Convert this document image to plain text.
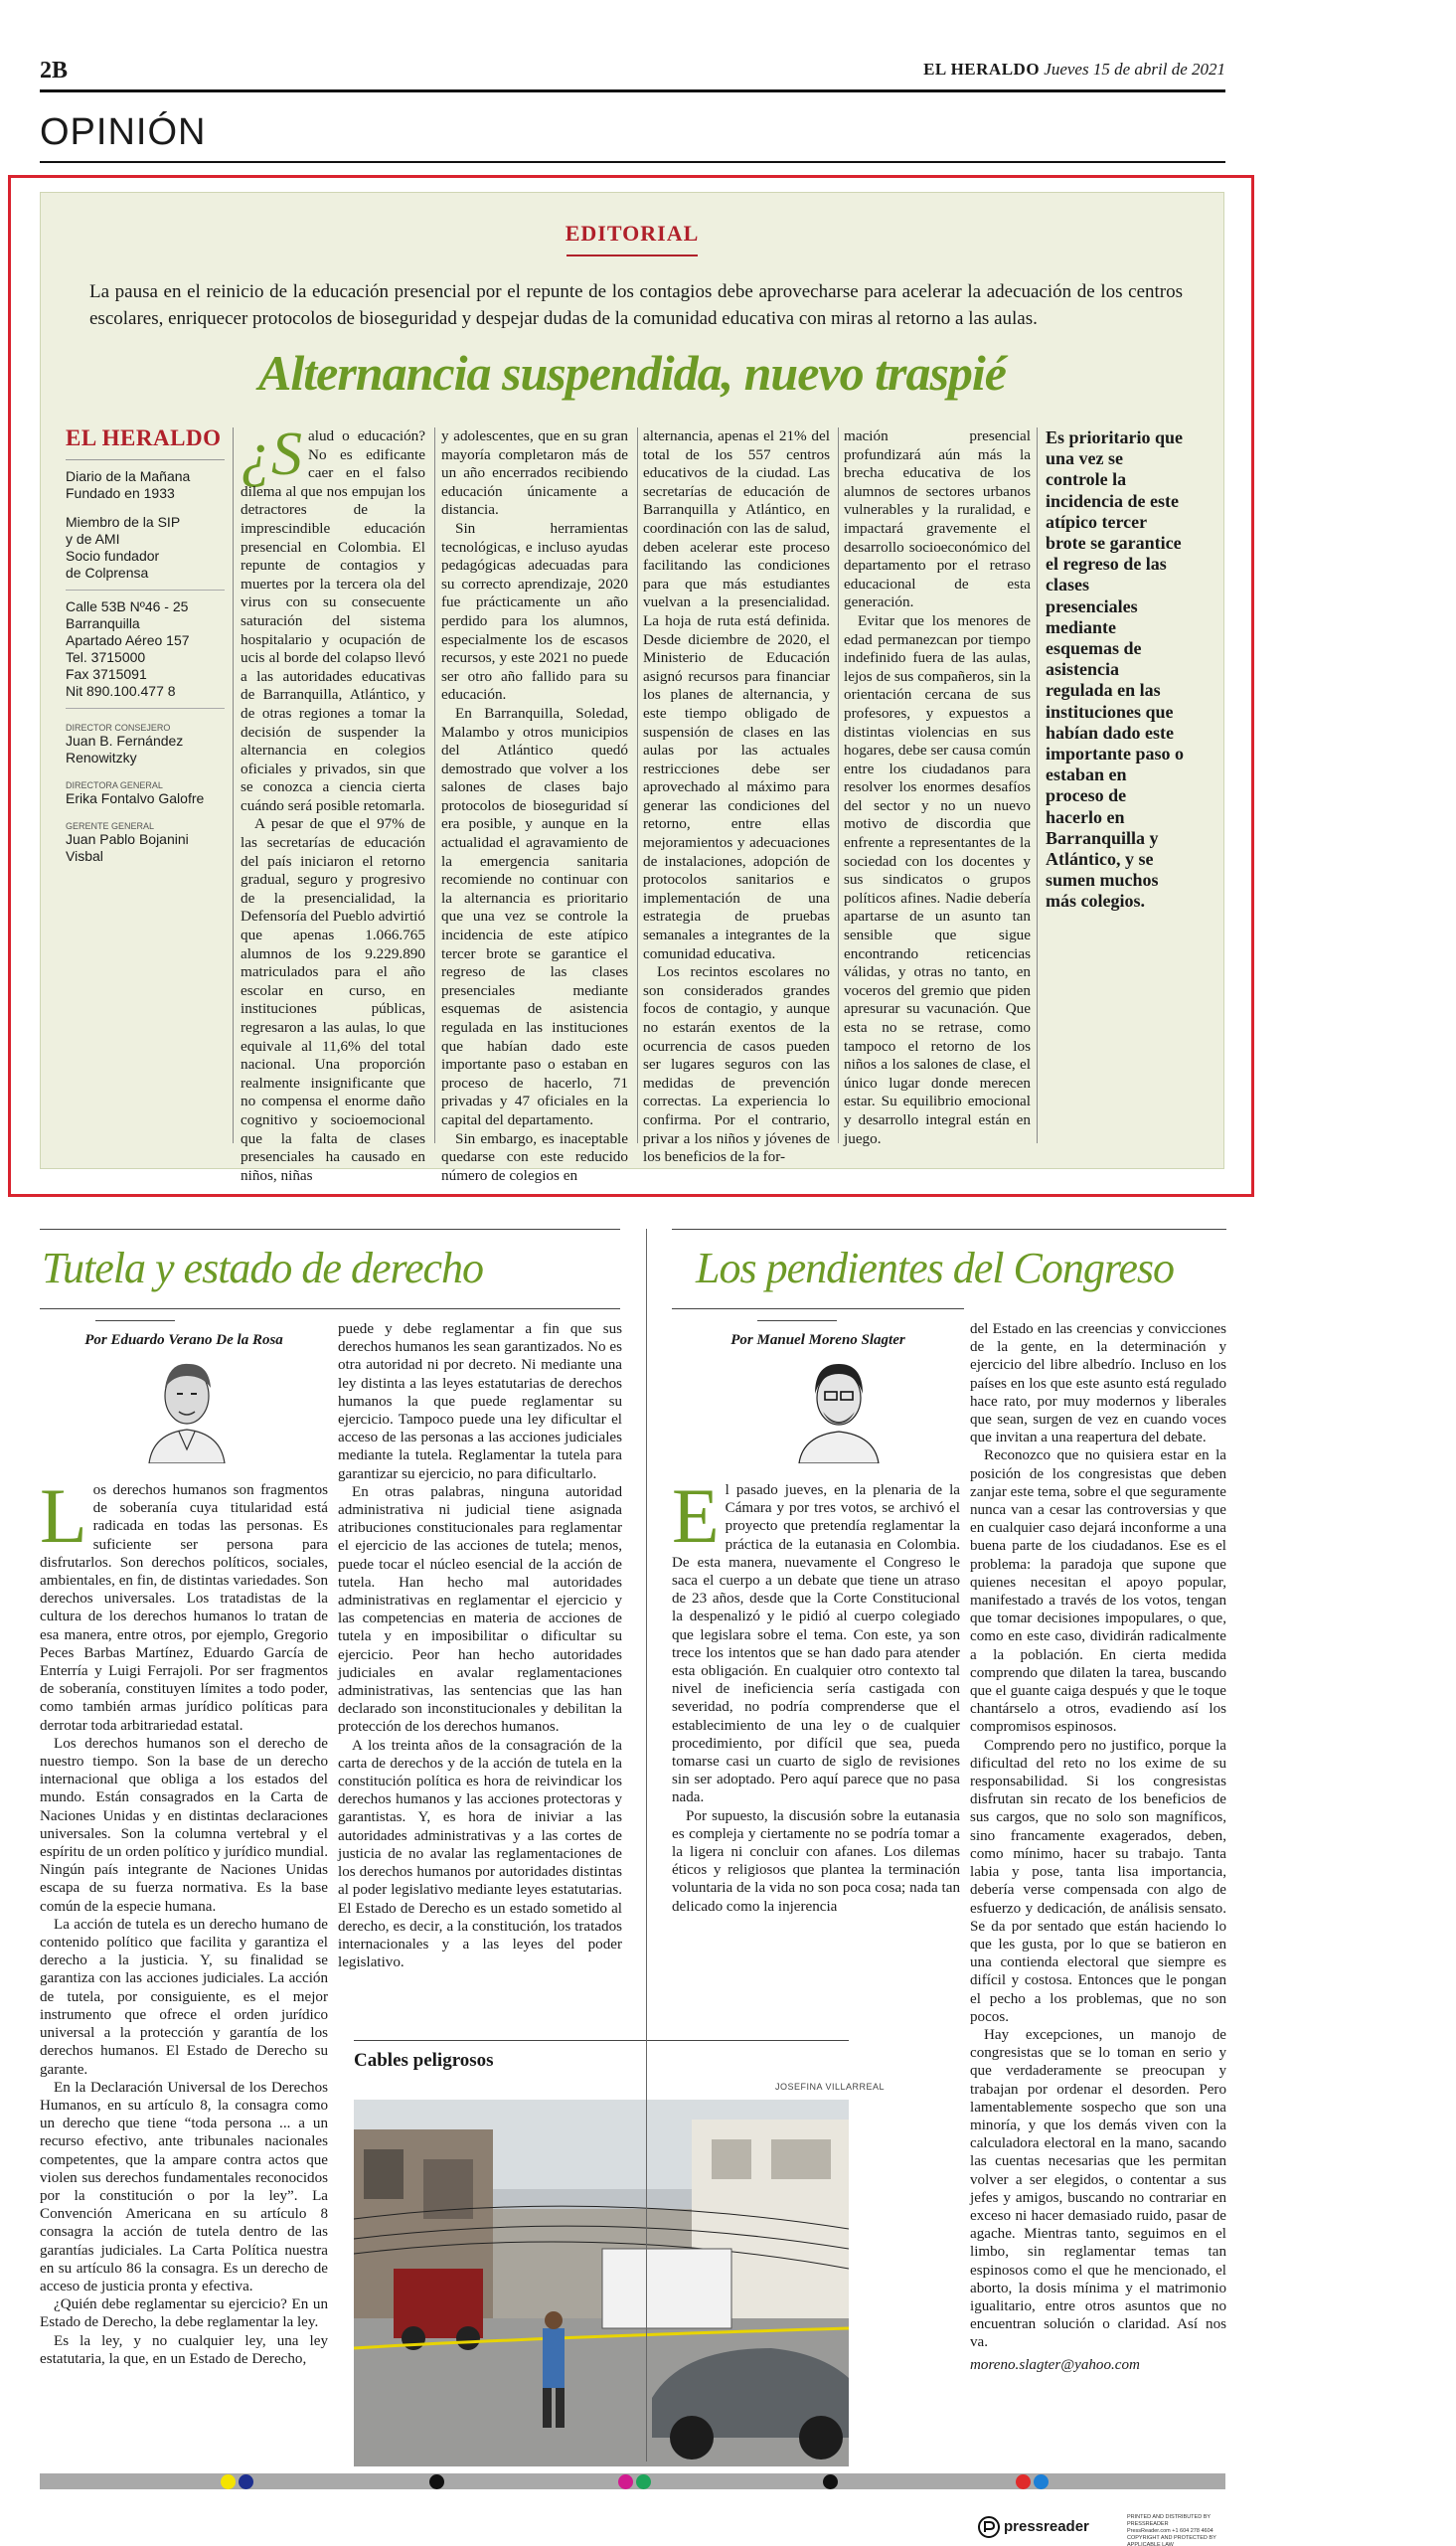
2B	EL HERALDO Jueves 15 de abril de 2021
OPINIÓN
EDITORIAL
La pausa en el reinicio de la educación presencial por el repunte de los contagios debe aprovecharse para acelerar la adecuación de los centros escolares, enriquecer protocolos de bioseguridad y despejar dudas de la comunidad educativa con miras al retorno a las aulas.
Alternancia suspendida, nuevo traspié
EL HERALDO
Diario de la Mañana
Fundado en 1933
Miembro de la SIP
y de AMI
Socio fundador
de Colprensa
Calle 53B Nº46 - 25
Barranquilla
Apartado Aéreo 157
Tel. 3715000
Fax 3715091
Nit 890.100.477 8
DIRECTOR CONSEJERO
Juan B. Fernández Renowitzky
DIRECTORA GENERAL
Erika Fontalvo Galofre
GERENTE GENERAL
Juan Pablo Bojanini Visbal

¿S alud o educación? No es edificante caer en el falso dilema al que nos empujan los detractores de la imprescindible educación presencial en Colombia. El repunte de contagios y muertes por la tercera ola del virus con su consecuente saturación del sistema hospitalario y ocupación de ucis al borde del colapso llevó a las autoridades educativas de Barranquilla, Atlántico, y de otras regiones a tomar la decisión de suspender la alternancia en colegios oficiales y privados, sin que se conozca a ciencia cierta cuándo será posible retomarla.

A pesar de que el 97% de las secretarías de educación del país iniciaron el retorno gradual, seguro y progresivo de la presencialidad, la Defensoría del Pueblo advirtió que apenas 1.066.765 alumnos de los 9.229.890 matriculados para el año escolar en curso, en instituciones públicas, regresaron a las aulas, lo que equivale al 11,6% del total nacional. Una proporción realmente insignificante que no compensa el enorme daño cognitivo y socioemocional que la falta de clases presenciales ha causado en niños, niñas

y adolescentes, que en su gran mayoría completaron más de un año encerrados recibiendo educación únicamente a distancia.

Sin herramientas tecnológicas, e incluso ayudas pedagógicas adecuadas para su correcto aprendizaje, 2020 fue prácticamente un año perdido para los alumnos, especialmente los de escasos recursos, y este 2021 no puede ser otro año fallido para su educación.

En Barranquilla, Soledad, Malambo y otros municipios del Atlántico quedó demostrado que volver a los salones de clases bajo protocolos de bioseguridad sí era posible, y aunque en la actualidad el agravamiento de la emergencia sanitaria recomiende no continuar con la alternancia es prioritario que una vez se controle la incidencia de este atípico tercer brote se garantice el regreso de las clases presenciales mediante esquemas de asistencia regulada en las instituciones que habían dado este importante paso o estaban en proceso de hacerlo, 71 privadas y 47 oficiales en la capital del departamento.

Sin embargo, es inaceptable quedarse con este reducido número de colegios en

alternancia, apenas el 21% del total de los 557 centros educativos de la ciudad. Las secretarías de educación de Barranquilla y Atlántico, en coordinación con las de salud, deben acelerar este proceso facilitando las condiciones para que más estudiantes vuelvan a la presencialidad. La hoja de ruta está definida. Desde diciembre de 2020, el Ministerio de Educación asignó recursos para financiar los planes de alternancia, y este tiempo obligado de suspensión de clases en las aulas por las actuales restricciones debe ser aprovechado al máximo para generar las condiciones del retorno, entre ellas mejoramientos y adecuaciones de instalaciones, adopción de protocolos sanitarios e implementación de una estrategia de pruebas semanales a integrantes de la comunidad educativa.

Los recintos escolares no son considerados grandes focos de contagio, y aunque no estarán exentos de la ocurrencia de casos pueden ser lugares seguros con las medidas de prevención correctas. La experiencia lo confirma. Por el contrario, privar a los niños y jóvenes de los beneficios de la for-

mación presencial profundizará aún más la brecha educativa de los alumnos de sectores urbanos vulnerables y la ruralidad, e impactará gravemente el desarrollo socioeconómico del departamento por el retraso educacional de esta generación.

Evitar que los menores de edad permanezcan por tiempo indefinido fuera de las aulas, lejos de sus compañeros, sin la orientación cercana de sus profesores, y expuestos a distintas violencias en sus hogares, debe ser causa común entre los ciudadanos para resolver los enormes desafíos del sector y no un nuevo motivo de discordia que enfrente a representantes de la sociedad con los docentes y sus sindicatos o grupos políticos afines. Nadie debería apartarse de un asunto tan sensible que sigue encontrando reticencias válidas, y otras no tanto, en voceros del gremio que piden apresurar su vacunación. Que esta no se retrase, como tampoco el retorno de los niños a los salones de clase, el único lugar donde merecen estar. Su equilibrio emocional y desarrollo integral están en juego.

Es prioritario que una vez se controle la incidencia de este atípico tercer brote se garantice el regreso de las clases presenciales mediante esquemas de asistencia regulada en las instituciones que habían dado este importante paso o estaban en proceso de hacerlo en Barranquilla y Atlántico, y se sumen muchos más colegios.
Tutela y estado de derecho
Por Eduardo Verano De la Rosa

Los derechos humanos son fragmentos de soberanía cuya titularidad está radicada en todas las personas. Es suficiente ser persona para disfrutarlos. Son derechos políticos, sociales, ambientales, en fin, de distintas variedades. Son derechos universales. Los tratadistas de la cultura de los derechos humanos lo tratan de esa manera, entre otros, por ejemplo, Gregorio Peces Barbas Martínez, Eduardo García de Enterría y Luigi Ferrajoli. Por ser fragmentos de soberanía, constituyen límites a todo poder, como también armas jurídico políticas para derrotar toda arbitrariedad estatal.

Los derechos humanos son el derecho de nuestro tiempo. Son la base de un derecho internacional que obliga a los estados del mundo. Están consagrados en la Carta de Naciones Unidas y en distintas declaraciones universales. Son la columna vertebral y el espíritu de un orden político y jurídico mundial. Ningún país integrante de Naciones Unidas escapa de su fuerza normativa. Es la base común de la especie humana.

La acción de tutela es un derecho humano de contenido político que facilita y garantiza el derecho a la justicia. Y, su finalidad se garantiza con las acciones judiciales. La acción de tutela, por consiguiente, es el mejor instrumento que ofrece el orden jurídico universal a la protección y garantía de los derechos humanos. El Estado de Derecho su garante.

En la Declaración Universal de los Derechos Humanos, en su artículo 8, la consagra como un derecho que tiene “toda persona ... a un recurso efectivo, ante tribunales nacionales competentes, que la ampare contra actos que violen sus derechos fundamentales reconocidos por la constitución o por la ley”. La Convención Americana en su artículo 8 consagra la acción de tutela dentro de las garantías judiciales. La Carta Política nuestra en su artículo 86 la consagra. Es un derecho de acceso de justicia pronta y efectiva.

¿Quién debe reglamentar su ejercicio? En un Estado de Derecho, la debe reglamentar la ley.

Es la ley, y no cualquier ley, una ley estatutaria, la que, en un Estado de Derecho,

puede y debe reglamentar a fin que sus derechos humanos les sean garantizados. No es otra autoridad ni por decreto. Ni mediante una ley distinta a las leyes estatutarias de derechos humanos la que puede reglamentar su ejercicio. Tampoco puede una ley dificultar el acceso de las personas a las acciones judiciales mediante la tutela. Reglamentar la tutela para garantizar su ejercicio, no para dificultarlo.

En otras palabras, ninguna autoridad administrativa ni judicial tiene asignada atribuciones constitucionales para reglamentar el ejercicio de las acciones de tutela; menos, puede tocar el núcleo esencial de la acción de tutela. Han hecho mal autoridades administrativas en reglamentar el ejercicio y las competencias en materia de acciones de tutela y en imposibilitar o dificultar su ejercicio. Peor han hecho autoridades judiciales en avalar reglamentaciones administrativas, las sentencias que las han declarado son inconstitucionales y debilitan la protección de los derechos humanos.

A los treinta años de la consagración de la carta de derechos y de la acción de tutela en la constitución política es hora de reivindicar los derechos humanos y las acciones protectoras y garantistas. Y, es hora de iniviar a las autoridades administrativas y a las cortes de justicia de no avalar las reglamentaciones de los derechos humanos por autoridades distintas al poder legislativo mediante leyes estatutarias. El Estado de Derecho es un estado sometido al derecho, es decir, a la constitución, los tratados internacionales y a las leyes del poder legislativo.

Cables peligrosos
JOSEFINA VILLARREAL
Los pendientes del Congreso
Por Manuel Moreno Slagter

El pasado jueves, en la plenaria de la Cámara y por tres votos, se archivó el proyecto que pretendía reglamentar la práctica de la eutanasia en Colombia. De esta manera, nuevamente el Congreso le saca el cuerpo a un debate que tiene un atraso de 23 años, desde que la Corte Constitucional la despenalizó y le pidió al cuerpo colegiado que legislara sobre el tema. Con este, ya son trece los intentos que se han dado para atender esta obligación. En cualquier otro contexto tal nivel de ineficiencia sería castigada con severidad, no podría comprenderse que el establecimiento de una ley o de cualquier procedimiento, por difícil que sea, pueda tomarse casi un cuarto de siglo de revisiones sin ser adoptado. Pero aquí parece que no pasa nada.

Por supuesto, la discusión sobre la eutanasia es compleja y ciertamente no se podría tomar a la ligera ni concluir con afanes. Los dilemas éticos y religiosos que plantea la terminación voluntaria de la vida no son poca cosa; nada tan delicado como la injerencia

del Estado en las creencias y convicciones de la gente, en la determinación y ejercicio del libre albedrío. Incluso en los países en los que este asunto está regulado hace rato, por muy modernos y liberales que sean, surgen de vez en cuando voces que invitan a una reapertura del debate.

Reconozco que no quisiera estar en la posición de los congresistas que deben zanjar este tema, sobre el que seguramente nunca van a cesar las controversias y que en cualquier caso dejará inconforme a una buena parte de los ciudadanos. Ese es el problema: la paradoja que supone que quienes necesitan el apoyo popular, manifestado a través de los votos, tengan que tomar decisiones impopulares, o que, como en este caso, dividirán radicalmente a la población. En cierta medida comprendo que dilaten la tarea, buscando que el guante caiga después y que le toque chantárselo a otros, evadiendo así los compromisos espinosos.

Comprendo pero no justifico, porque la dificultad del reto no los exime de su responsabilidad. Si los congresistas disfrutan sin recato de los beneficios de sus cargos, que no solo son magníficos, sino francamente exagerados, deben, como mínimo, hacer su trabajo. Tanta labia y pose, tanta lisa importancia, debería verse compensada con algo de esfuerzo y dedicación, de análisis sensato. Se da por sentado que están haciendo lo que les gusta, por lo que se batieron en una contienda electoral que siempre es difícil y costosa. Entonces que le pongan el pecho a los problemas, que no son pocos.

Hay excepciones, un manojo de congresistas que se lo toman en serio y que verdaderamente se preocupan y trabajan por ordenar el desorden. Pero lamentablemente sospecho que son una minoría, y que los demás viven con la calculadora electoral en la mano, sacando las cuentas necesarias que les permitan volver a ser elegidos, o contentar a sus jefes y amigos, buscando no contrariar en exceso ni hacer demasiado ruido, pasar de agache. Mientras tanto, seguimos en el limbo, sin reglamentar temas tan espinosos como el que he mencionado, el aborto, la dosis mínima y el matrimonio igualitario, entre otros asuntos que no encuentran solución o claridad. Así nos va.

moreno.slagter@yahoo.com

pressreader
PRINTED AND DISTRIBUTED BY PRESSREADER
PressReader.com +1 604 278 4604
COPYRIGHT AND PROTECTED BY APPLICABLE LAW
